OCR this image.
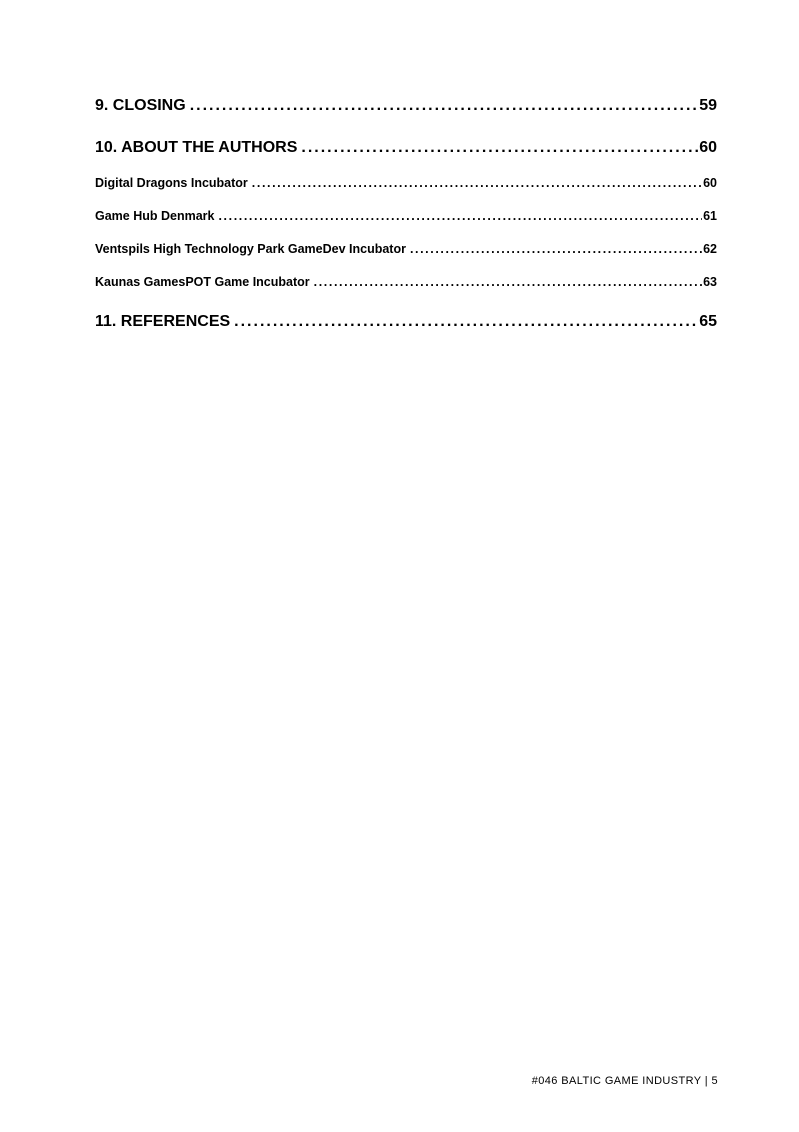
9. CLOSING .....	59
10. ABOUT THE AUTHORS .....	60
Digital Dragons Incubator .....	60
Game Hub Denmark .....	61
Ventspils High Technology Park GameDev Incubator .....	62
Kaunas GamesPOT Game Incubator .....	63
11. REFERENCES .....	65
#046 BALTIC GAME INDUSTRY | 5
